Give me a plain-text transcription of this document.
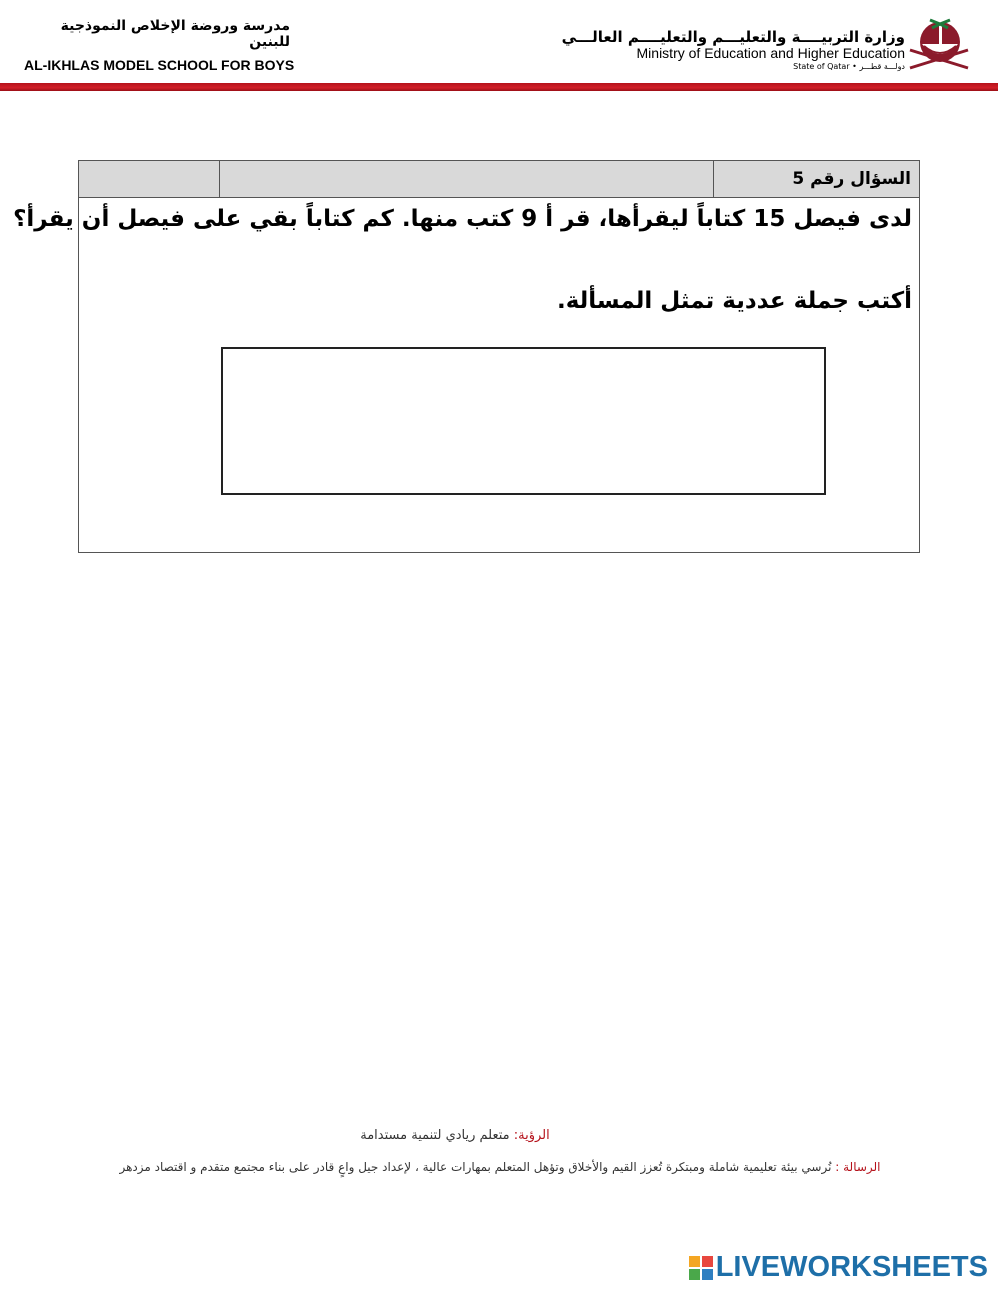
مدرسة وروضة الإخلاص النموذجية للبنين
AL-IKHLAS MODEL SCHOOL FOR BOYS
وزارة التربيــــة والتعليـــم والتعليــــم العالـــي
Ministry of Education and Higher Education
State of Qatar • دولـــة قطـــر
		السؤال رقم 5

لدى فيصل 15 كتاباً ليقرأها، قر أ 9 كتب منها. كم كتاباً بقي على فيصل أن يقرأ؟
أكتب جملة عددية تمثل المسألة.
الرؤية: متعلم ريادي لتنمية مستدامة
الرسالة : نُرسي بيئة تعليمية شاملة ومبتكرة تُعزز القيم والأخلاق وتؤهل المتعلم بمهارات عالية ، لإعداد جيل واعٍ قادر على بناء مجتمع متقدم و اقتصاد مزدهر
LIVEWORKSHEETS
